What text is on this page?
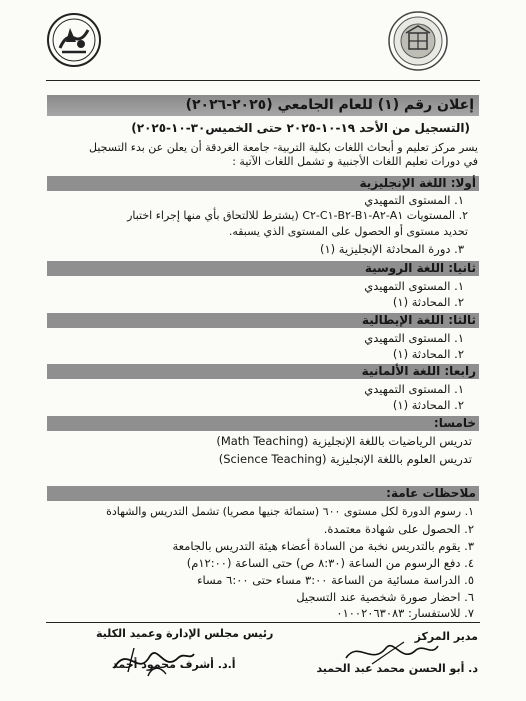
إعلان رقم (١) للعام الجامعي (٢٠٢٥-٢٠٢٦)
(التسجيل من الأحد ١٩-١٠-٢٠٢٥ حتى الخميس٣٠-١٠-٢٠٢٥)
يسر مركز تعليم و أبحاث اللغات بكلية التربية- جامعة الغردقة أن يعلن عن بدء التسجيل
في دورات تعليم اللغات الأجنبية و تشمل اللغات الآتية :
أولا: اللغة الإنجليزية
١. المستوى التمهيدي
٢. المستويات A١-A٢-B١-B٢-C١-C٢ (يشترط للالتحاق بأي منها إجراء اختبار
تحديد مستوى أو الحصول على المستوى الذي يسبقه.
٣. دورة المحادثة الإنجليزية (١)
ثانيا: اللغة الروسية
١. المستوى التمهيدي
٢. المحادثة (١)
ثالثا: اللغة الإيطالية
١. المستوى التمهيدي
٢. المحادثة (١)
رابعا: اللغة الألمانية
١. المستوى التمهيدي
٢. المحادثة (١)
خامسا:
تدريس الرياضيات باللغة الإنجليزية (Math Teaching)
تدريس العلوم باللغة الإنجليزية (Science Teaching)
ملاحظات عامة:
١. رسوم الدورة لكل مستوى ٦٠٠ (ستمائة جنيها مصريا) تشمل التدريس والشهادة
٢. الحصول على شهادة معتمدة.
٣. يقوم بالتدريس نخبة من السادة أعضاء هيئة التدريس بالجامعة
٤. دفع الرسوم من الساعة (٨:٣٠ ص) حتى الساعة (١٢:٠٠م)
٥. الدراسة مسائية من الساعة ٣:٠٠ مساء حتى ٦:٠٠ مساء
٦. احضار صورة شخصية عند التسجيل
٧. للاستفسار: ٠١٠٠٢٠٦٣٠٨٣
رئيس مجلس الإدارة وعميد الكلية	مدير المركز
أ.د. أشرف محمود أحمد	د. أبو الحسن محمد عبد الحميد
